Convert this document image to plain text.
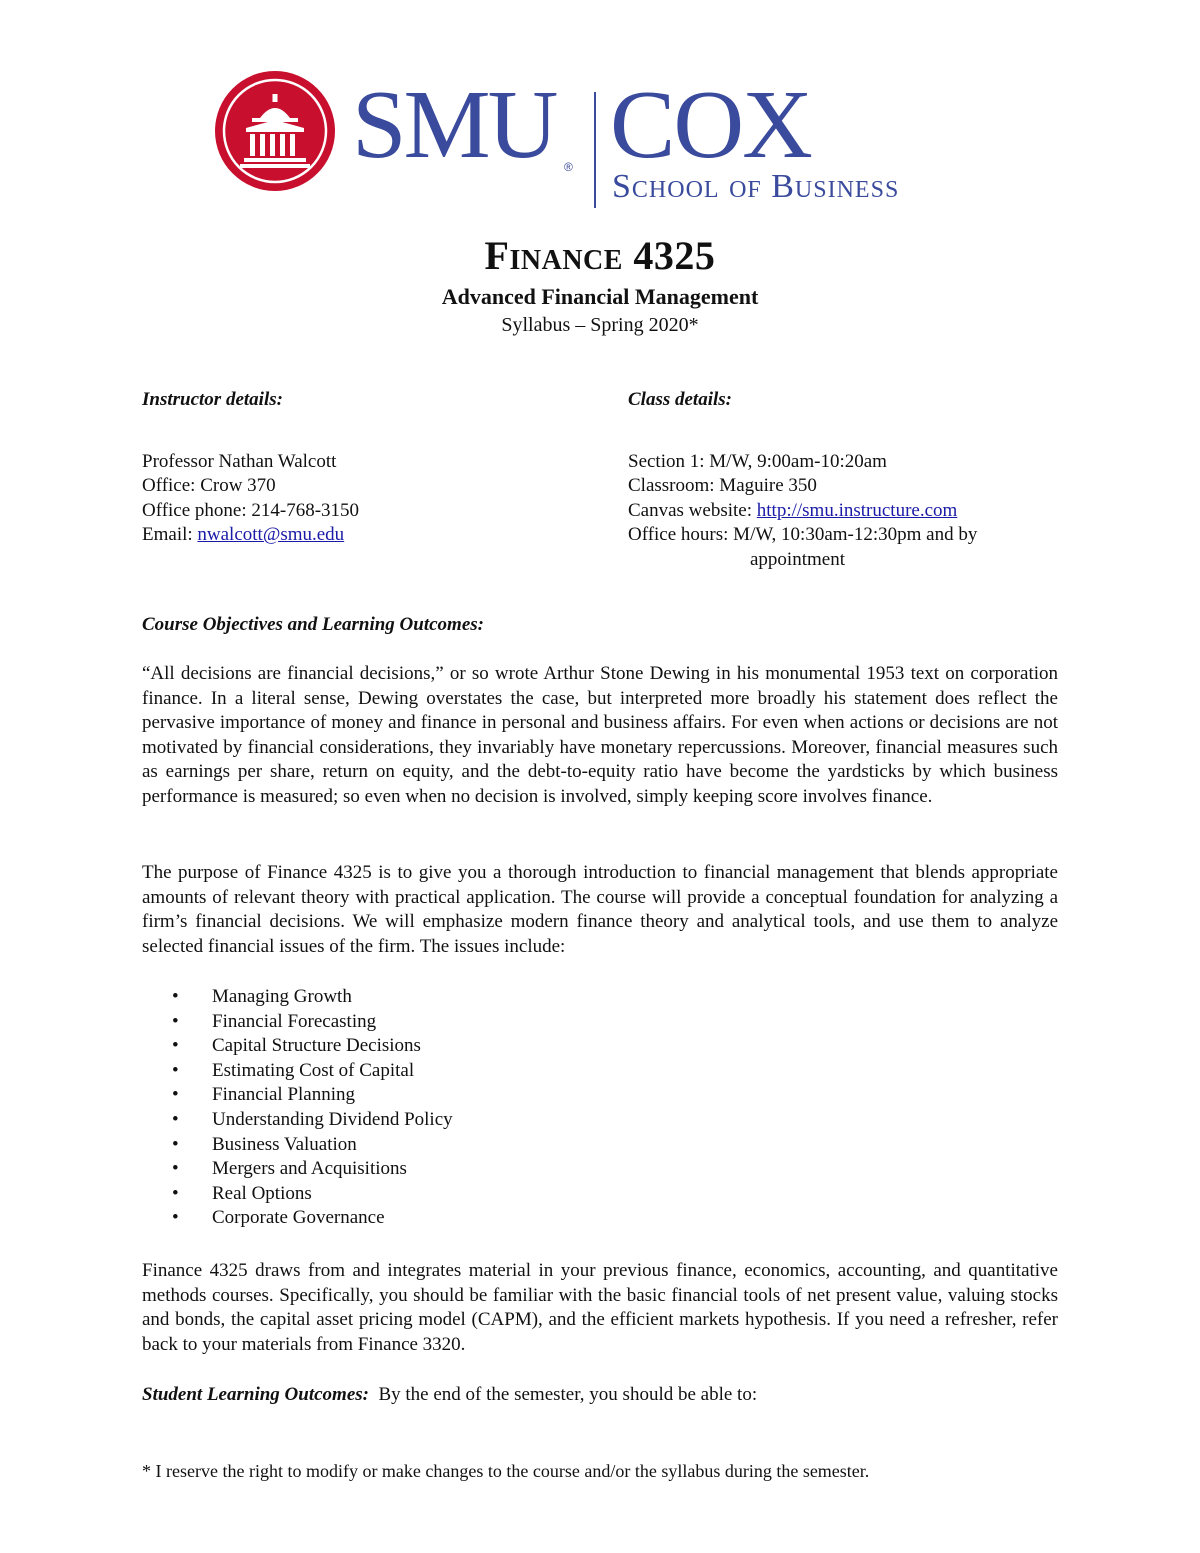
SMU ® COX
School of Business
Finance 4325
Advanced Financial Management
Syllabus – Spring 2020*
Instructor details:
Professor Nathan Walcott
Office: Crow 370
Office phone: 214-768-3150
Email: nwalcott@smu.edu
Class details:
Section 1: M/W, 9:00am-10:20am
Classroom: Maguire 350
Canvas website: http://smu.instructure.com
Office hours: M/W, 10:30am-12:30pm and by
appointment
Course Objectives and Learning Outcomes:
“All decisions are financial decisions,” or so wrote Arthur Stone Dewing in his monumental 1953 text on corporation finance. In a literal sense, Dewing overstates the case, but interpreted more broadly his statement does reflect the pervasive importance of money and finance in personal and business affairs. For even when actions or decisions are not motivated by financial considerations, they invariably have monetary repercussions. Moreover, financial measures such as earnings per share, return on equity, and the debt-to-equity ratio have become the yardsticks by which business performance is measured; so even when no decision is involved, simply keeping score involves finance.
The purpose of Finance 4325 is to give you a thorough introduction to financial management that blends appropriate amounts of relevant theory with practical application. The course will provide a conceptual foundation for analyzing a firm’s financial decisions. We will emphasize modern finance theory and analytical tools, and use them to analyze selected financial issues of the firm. The issues include:
• Managing Growth
• Financial Forecasting
• Capital Structure Decisions
• Estimating Cost of Capital
• Financial Planning
• Understanding Dividend Policy
• Business Valuation
• Mergers and Acquisitions
• Real Options
• Corporate Governance
Finance 4325 draws from and integrates material in your previous finance, economics, accounting, and quantitative methods courses. Specifically, you should be familiar with the basic financial tools of net present value, valuing stocks and bonds, the capital asset pricing model (CAPM), and the efficient markets hypothesis. If you need a refresher, refer back to your materials from Finance 3320.
Student Learning Outcomes:  By the end of the semester, you should be able to:
* I reserve the right to modify or make changes to the course and/or the syllabus during the semester.
